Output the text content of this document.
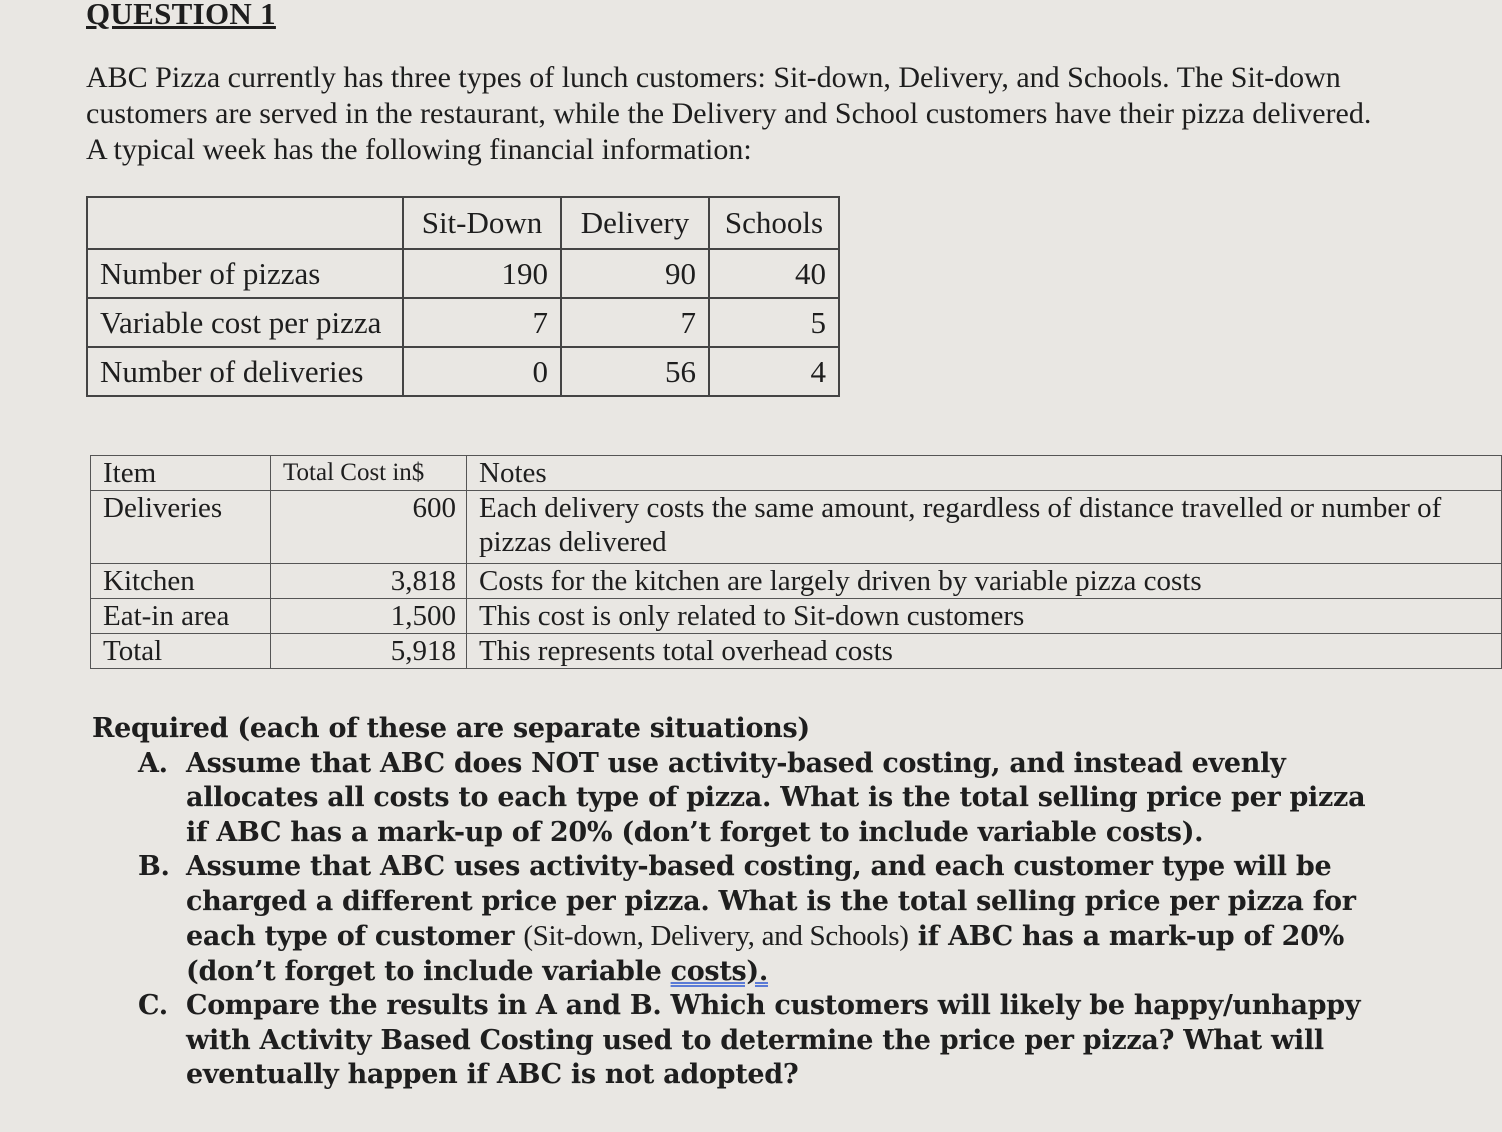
QUESTION 1
ABC Pizza currently has three types of lunch customers: Sit-down, Delivery, and Schools. The Sit-down customers are served in the restaurant, while the Delivery and School customers have their pizza delivered. A typical week has the following financial information:
	Sit-Down	Delivery	Schools
Number of pizzas	190	90	40
Variable cost per pizza	7	7	5
Number of deliveries	0	56	4
Item	Total Cost in$	Notes
Deliveries	600	Each delivery costs the same amount, regardless of distance travelled or number of pizzas delivered
Kitchen	3,818	Costs for the kitchen are largely driven by variable pizza costs
Eat-in area	1,500	This cost is only related to Sit-down customers
Total	5,918	This represents total overhead costs
Required (each of these are separate situations)
A. Assume that ABC does NOT use activity-based costing, and instead evenly allocates all costs to each type of pizza. What is the total selling price per pizza if ABC has a mark-up of 20% (don’t forget to include variable costs).
B. Assume that ABC uses activity-based costing, and each customer type will be charged a different price per pizza. What is the total selling price per pizza for each type of customer (Sit-down, Delivery, and Schools) if ABC has a mark-up of 20% (don’t forget to include variable costs).
C. Compare the results in A and B. Which customers will likely be happy/unhappy with Activity Based Costing used to determine the price per pizza? What will eventually happen if ABC is not adopted?
